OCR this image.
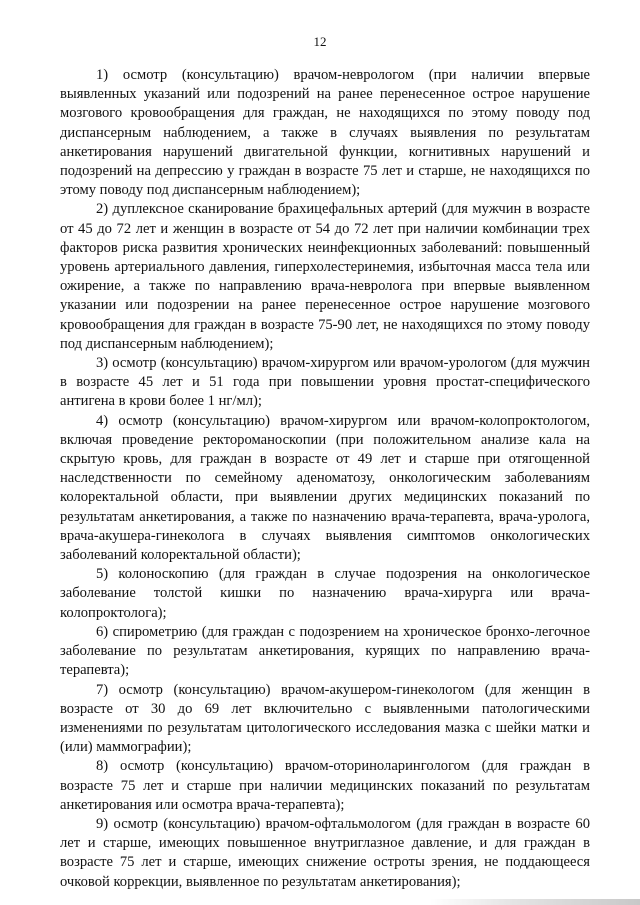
12

1) осмотр (консультацию) врачом-неврологом (при наличии впервые выявленных указаний или подозрений на ранее перенесенное острое нарушение мозгового кровообращения для граждан, не находящихся по этому поводу под диспансерным наблюдением, а также в случаях выявления по результатам анкетирования нарушений двигательной функции, когнитивных нарушений и подозрений на депрессию у граждан в возрасте 75 лет и старше, не находящихся по этому поводу под диспансерным наблюдением);

2) дуплексное сканирование брахицефальных артерий (для мужчин в возрасте от 45 до 72 лет и женщин в возрасте от 54 до 72 лет при наличии комбинации трех факторов риска развития хронических неинфекционных заболеваний: повышенный уровень артериального давления, гиперхолестеринемия, избыточная масса тела или ожирение, а также по направлению врача-невролога при впервые выявленном указании или подозрении на ранее перенесенное острое нарушение мозгового кровообращения для граждан в возрасте 75-90 лет, не находящихся по этому поводу под диспансерным наблюдением);

3) осмотр (консультацию) врачом-хирургом или врачом-урологом (для мужчин в возрасте 45 лет и 51 года при повышении уровня простат-специфического антигена в крови более 1 нг/мл);

4) осмотр (консультацию) врачом-хирургом или врачом-колопроктологом, включая проведение ректороманоскопии (при положительном анализе кала на скрытую кровь, для граждан в возрасте от 49 лет и старше при отягощенной наследственности по семейному аденоматозу, онкологическим заболеваниям колоректальной области, при выявлении других медицинских показаний по результатам анкетирования, а также по назначению врача-терапевта, врача-уролога, врача-акушера-гинеколога в случаях выявления симптомов онкологических заболеваний колоректальной области);

5) колоноскопию (для граждан в случае подозрения на онкологическое заболевание толстой кишки по назначению врача-хирурга или врача-колопроктолога);

6) спирометрию (для граждан с подозрением на хроническое бронхо-легочное заболевание по результатам анкетирования, курящих по направлению врача-терапевта);

7) осмотр (консультацию) врачом-акушером-гинекологом (для женщин в возрасте от 30 до 69 лет включительно с выявленными патологическими изменениями по результатам цитологического исследования мазка с шейки матки и (или) маммографии);

8) осмотр (консультацию) врачом-оториноларингологом (для граждан в возрасте 75 лет и старше при наличии медицинских показаний по результатам анкетирования или осмотра врача-терапевта);

9) осмотр (консультацию) врачом-офтальмологом (для граждан в возрасте 60 лет и старше, имеющих повышенное внутриглазное давление, и для граждан в возрасте 75 лет и старше, имеющих снижение остроты зрения, не поддающееся очковой коррекции, выявленное по результатам анкетирования);
